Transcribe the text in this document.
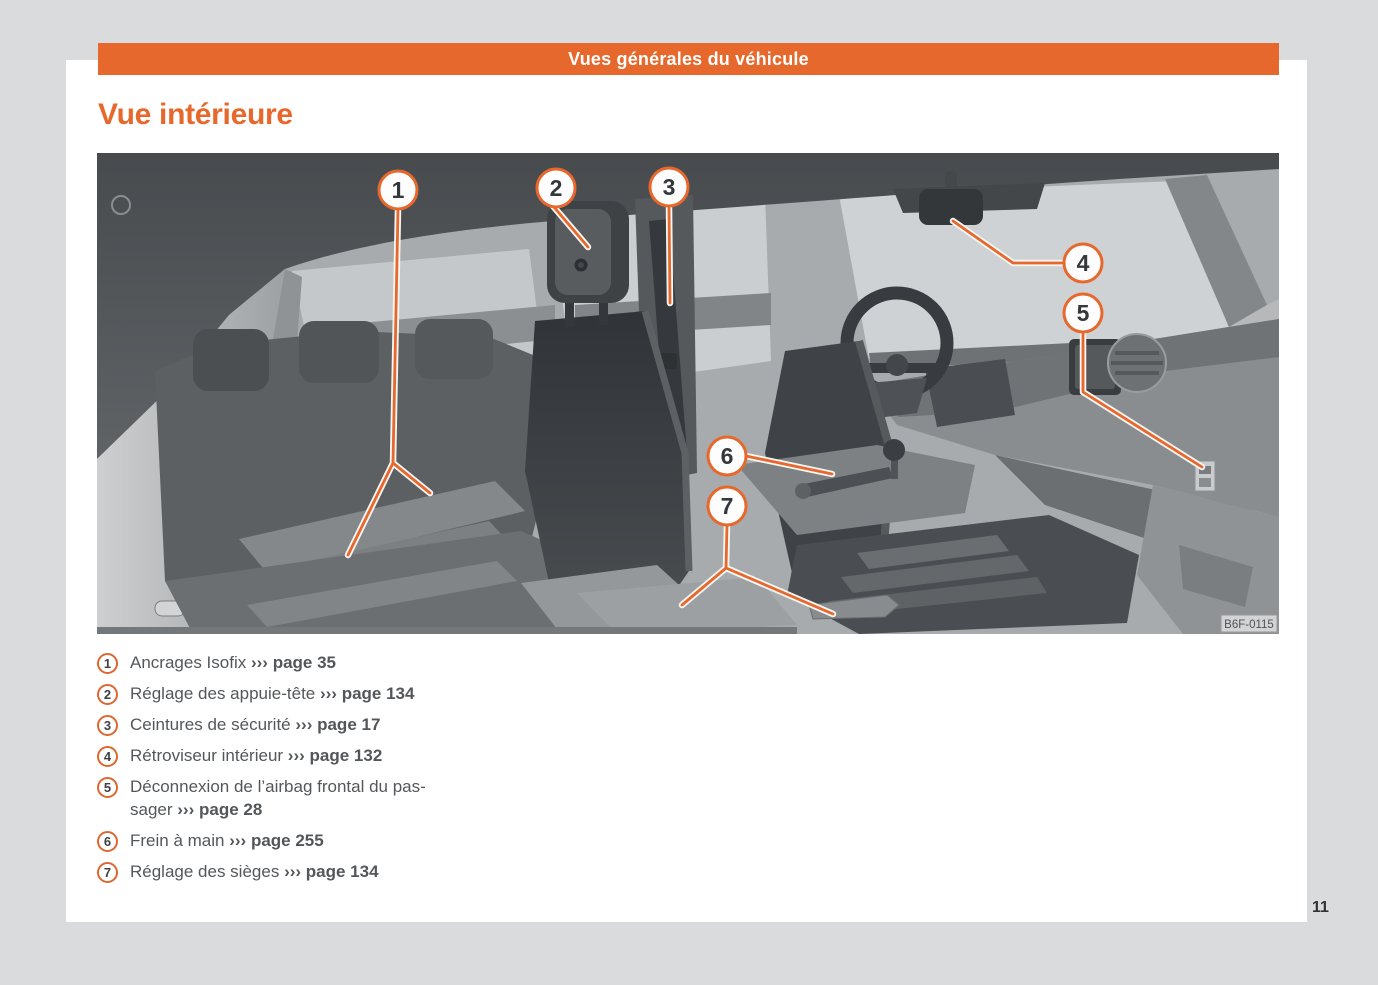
Vues générales du véhicule
Vue intérieure
B6F-0115
1	2	3
4
5
6
7
1	Ancrages Isofix ››› page 35

2	Réglage des appuie-tête ››› page 134

3	Ceintures de sécurité ››› page 17

4	Rétroviseur intérieur ››› page 132

5	Déconnexion de l’airbag frontal du passager ››› page 28

6	Frein à main ››› page 255

7	Réglage des sièges ››› page 134

11
